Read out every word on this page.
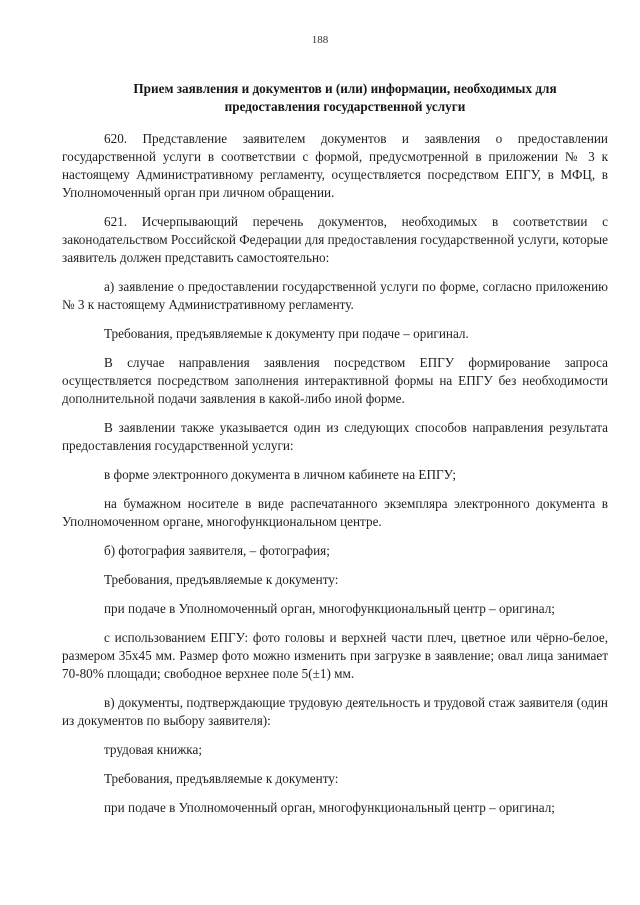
188
Прием заявления и документов и (или) информации, необходимых для предоставления государственной услуги

620. Представление заявителем документов и заявления о предоставлении государственной услуги в соответствии с формой, предусмотренной в приложении № 3 к настоящему Административному регламенту, осуществляется посредством ЕПГУ, в МФЦ, в Уполномоченный орган при личном обращении.

621. Исчерпывающий перечень документов, необходимых в соответствии с законодательством Российской Федерации для предоставления государственной услуги, которые заявитель должен представить самостоятельно:

а) заявление о предоставлении государственной услуги по форме, согласно приложению № 3 к настоящему Административному регламенту.

Требования, предъявляемые к документу при подаче – оригинал.

В случае направления заявления посредством ЕПГУ формирование запроса осуществляется посредством заполнения интерактивной формы на ЕПГУ без необходимости дополнительной подачи заявления в какой-либо иной форме.

В заявлении также указывается один из следующих способов направления результата предоставления государственной услуги:

в форме электронного документа в личном кабинете на ЕПГУ;

на бумажном носителе в виде распечатанного экземпляра электронного документа в Уполномоченном органе, многофункциональном центре.

б) фотография заявителя, – фотография;

Требования, предъявляемые к документу:

при подаче в Уполномоченный орган, многофункциональный центр – оригинал;

с использованием ЕПГУ: фото головы и верхней части плеч, цветное или чёрно-белое, размером 35х45 мм. Размер фото можно изменить при загрузке в заявление; овал лица занимает 70-80% площади; свободное верхнее поле 5(±1) мм.

в) документы, подтверждающие трудовую деятельность и трудовой стаж заявителя (один из документов по выбору заявителя):

трудовая книжка;

Требования, предъявляемые к документу:

при подаче в Уполномоченный орган, многофункциональный центр – оригинал;
